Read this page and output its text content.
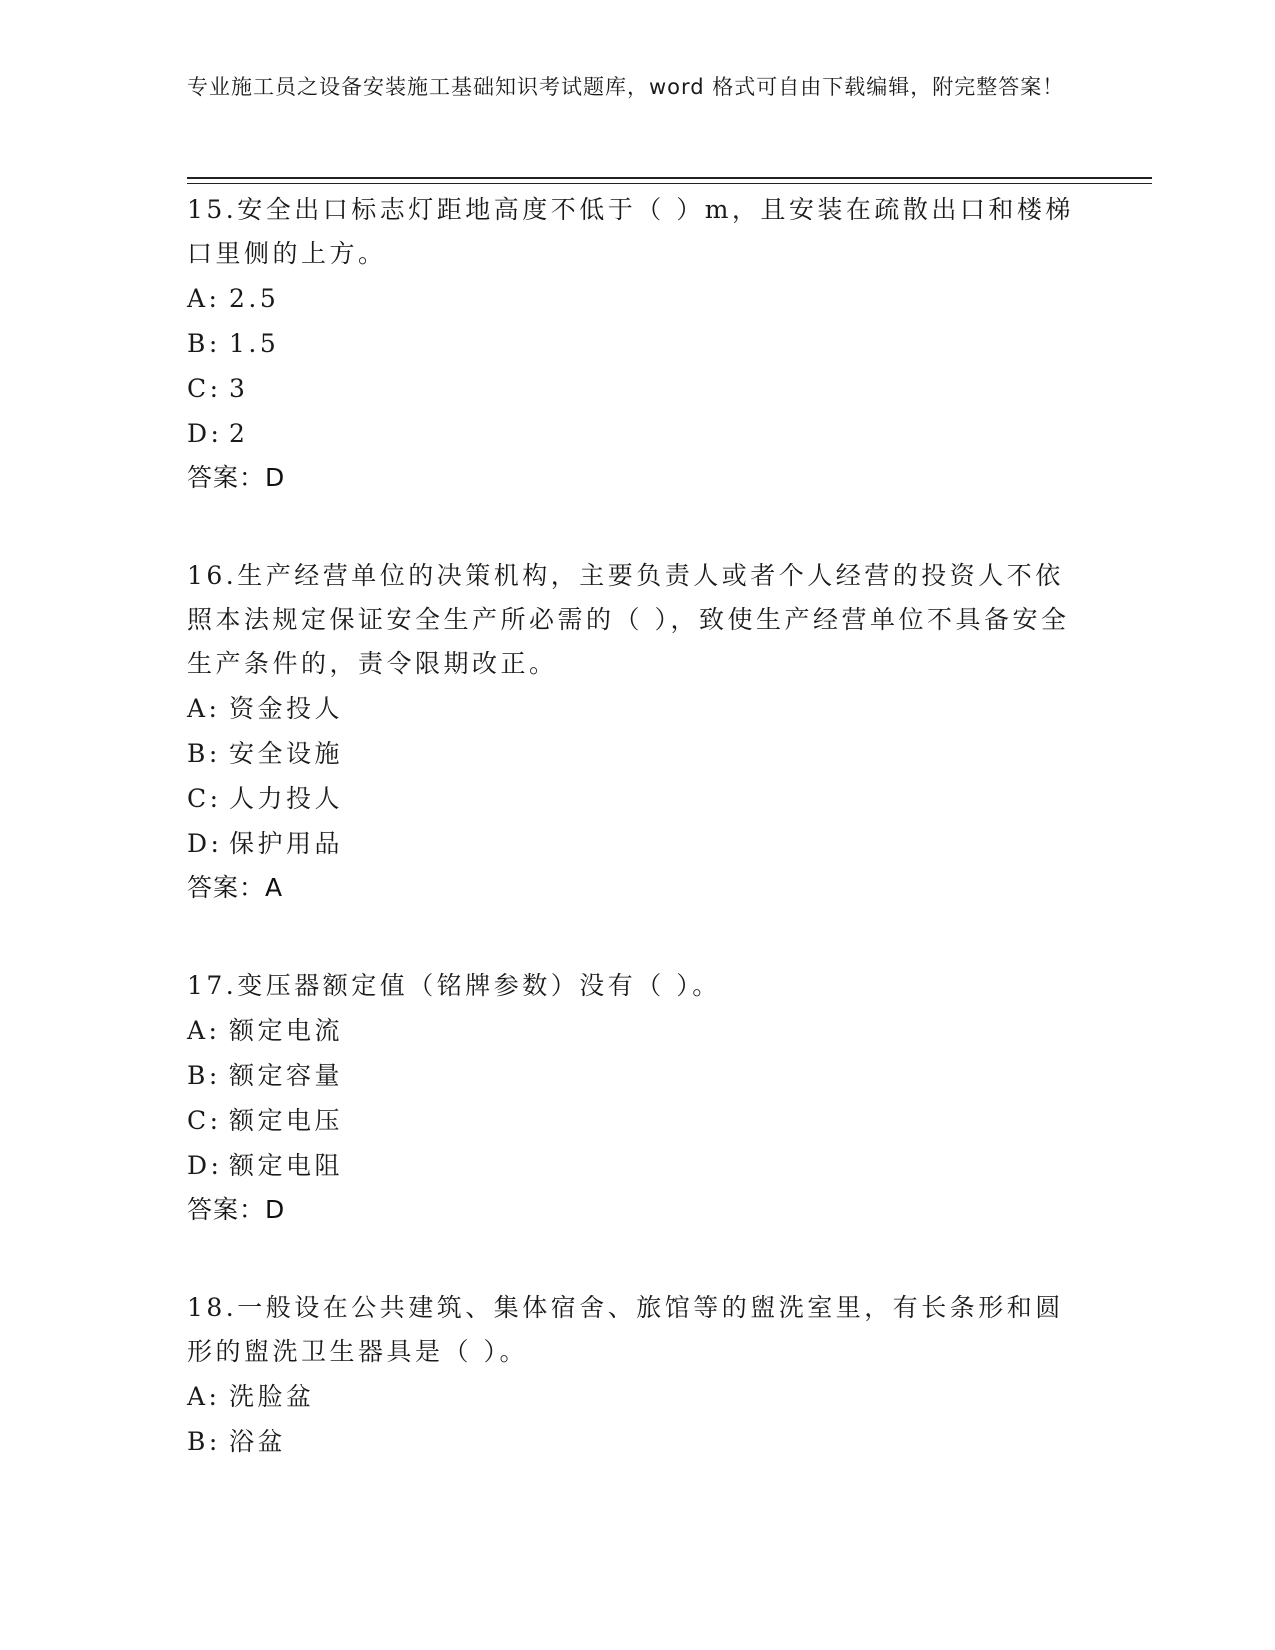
专业施工员之设备安装施工基础知识考试题库，word 格式可自由下载编辑，附完整答案！

15.安全出口标志灯距地高度不低于（ ）m，且安装在疏散出口和楼梯口里侧的上方。

A: 2.5

B: 1.5

C: 3

D: 2

答案：D

16.生产经营单位的决策机构，主要负责人或者个人经营的投资人不依照本法规定保证安全生产所必需的（ ），致使生产经营单位不具备安全生产条件的，责令限期改正。

A: 资金投人

B: 安全设施

C: 人力投人

D: 保护用品

答案：A

17.变压器额定值（铭牌参数）没有（ ）。

A: 额定电流

B: 额定容量

C: 额定电压

D: 额定电阻

答案：D

18.一般设在公共建筑、集体宿舍、旅馆等的盥洗室里，有长条形和圆形的盥洗卫生器具是（ ）。

A: 洗脸盆

B: 浴盆
